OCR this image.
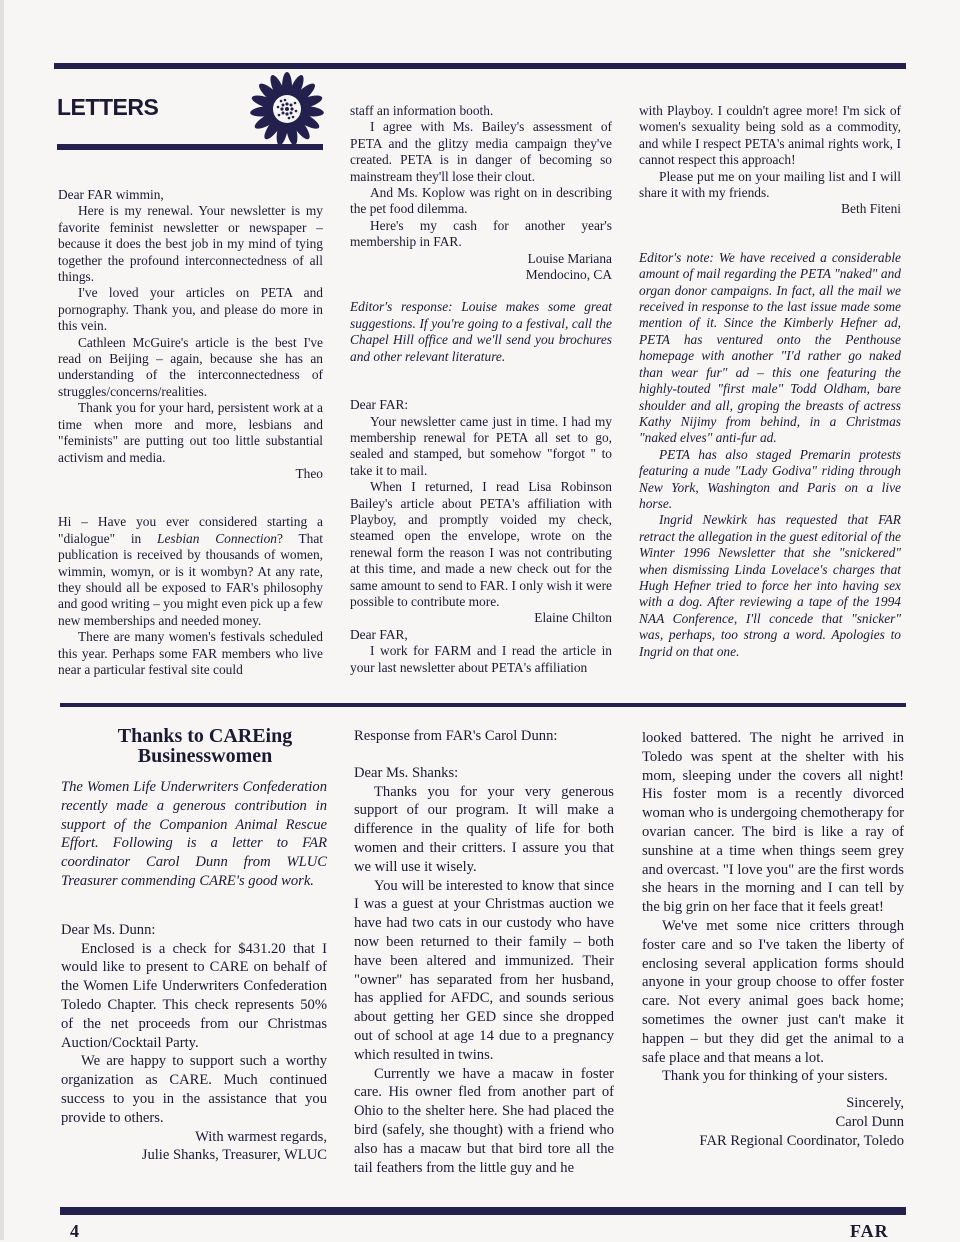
LETTERS

Dear FAR wimmin,

Here is my renewal. Your newsletter is my favorite feminist newsletter or newspaper – because it does the best job in my mind of tying together the profound interconnectedness of all things.

I've loved your articles on PETA and pornography. Thank you, and please do more in this vein.

Cathleen McGuire's article is the best I've read on Beijing – again, because she has an understanding of the interconnectedness of struggles/concerns/realities.

Thank you for your hard, persistent work at a time when more and more, lesbians and "feminists" are putting out too little substantial activism and media.

Theo

Hi – Have you ever considered starting a "dialogue" in Lesbian Connection? That publication is received by thousands of women, wimmin, womyn, or is it wombyn? At any rate, they should all be exposed to FAR's philosophy and good writing – you might even pick up a few new memberships and needed money.

There are many women's festivals scheduled this year. Perhaps some FAR members who live near a particular festival site could

staff an information booth.

I agree with Ms. Bailey's assessment of PETA and the glitzy media campaign they've created. PETA is in danger of becoming so mainstream they'll lose their clout.

And Ms. Koplow was right on in describing the pet food dilemma.

Here's my cash for another year's membership in FAR.

Louise Mariana

Mendocino, CA

Editor's response: Louise makes some great suggestions. If you're going to a festival, call the Chapel Hill office and we'll send you brochures and other relevant literature.

Dear FAR:

Your newsletter came just in time. I had my membership renewal for PETA all set to go, sealed and stamped, but somehow "forgot " to take it to mail.

When I returned, I read Lisa Robinson Bailey's article about PETA's affiliation with Playboy, and promptly voided my check, steamed open the envelope, wrote on the renewal form the reason I was not contributing at this time, and made a new check out for the same amount to send to FAR. I only wish it were possible to contribute more.

Elaine Chilton

Dear FAR,

I work for FARM and I read the article in your last newsletter about PETA's affiliation

with Playboy. I couldn't agree more! I'm sick of women's sexuality being sold as a commodity, and while I respect PETA's animal rights work, I cannot respect this approach!

Please put me on your mailing list and I will share it with my friends.

Beth Fiteni

Editor's note: We have received a considerable amount of mail regarding the PETA "naked" and organ donor campaigns. In fact, all the mail we received in response to the last issue made some mention of it. Since the Kimberly Hefner ad, PETA has ventured onto the Penthouse homepage with another "I'd rather go naked than wear fur" ad – this one featuring the highly-touted "first male" Todd Oldham, bare shoulder and all, groping the breasts of actress Kathy Nijimy from behind, in a Christmas "naked elves" anti-fur ad.

PETA has also staged Premarin protests featuring a nude "Lady Godiva" riding through New York, Washington and Paris on a live horse.

Ingrid Newkirk has requested that FAR retract the allegation in the guest editorial of the Winter 1996 Newsletter that she "snickered" when dismissing Linda Lovelace's charges that Hugh Hefner tried to force her into having sex with a dog. After reviewing a tape of the 1994 NAA Conference, I'll concede that "snicker" was, perhaps, too strong a word. Apologies to Ingrid on that one.

Thanks to CAREing
Businesswomen

The Women Life Underwriters Confederation recently made a generous contribution in support of the Companion Animal Rescue Effort. Following is a letter to FAR coordinator Carol Dunn from WLUC Treasurer commending CARE's good work.

Dear Ms. Dunn:

Enclosed is a check for $431.20 that I would like to present to CARE on behalf of the Women Life Underwriters Confederation Toledo Chapter. This check represents 50% of the net proceeds from our Christmas Auction/Cocktail Party.

We are happy to support such a worthy organization as CARE. Much continued success to you in the assistance that you provide to others.

With warmest regards,

Julie Shanks, Treasurer, WLUC

Response from FAR's Carol Dunn:

Dear Ms. Shanks:

Thanks you for your very generous support of our program. It will make a difference in the quality of life for both women and their critters. I assure you that we will use it wisely.

You will be interested to know that since I was a guest at your Christmas auction we have had two cats in our custody who have now been returned to their family – both have been altered and immunized. Their "owner" has separated from her husband, has applied for AFDC, and sounds serious about getting her GED since she dropped out of school at age 14 due to a pregnancy which resulted in twins.

Currently we have a macaw in foster care. His owner fled from another part of Ohio to the shelter here. She had placed the bird (safely, she thought) with a friend who also has a macaw but that bird tore all the tail feathers from the little guy and he

looked battered. The night he arrived in Toledo was spent at the shelter with his mom, sleeping under the covers all night! His foster mom is a recently divorced woman who is undergoing chemotherapy for ovarian cancer. The bird is like a ray of sunshine at a time when things seem grey and overcast. "I love you" are the first words she hears in the morning and I can tell by the big grin on her face that it feels great!

We've met some nice critters through foster care and so I've taken the liberty of enclosing several application forms should anyone in your group choose to offer foster care. Not every animal goes back home; sometimes the owner just can't make it happen – but they did get the animal to a safe place and that means a lot.

Thank you for thinking of your sisters.

Sincerely,

Carol Dunn

FAR Regional Coordinator, Toledo

4	FAR
